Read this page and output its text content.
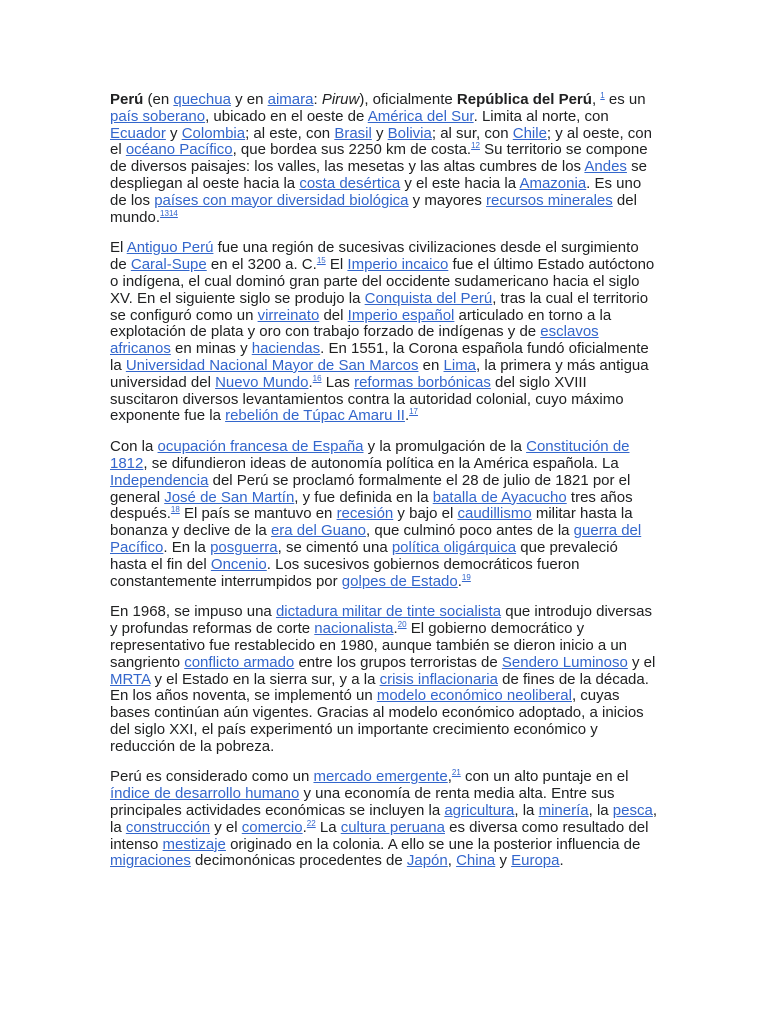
Perú (en quechua y en aimara: Piruw), oficialmente República del Perú, $^1$ es un país soberano, ubicado en el oeste de América del Sur. Limita al norte, con Ecuador y Colombia; al este, con Brasil y Bolivia; al sur, con Chile; y al oeste, con el océano Pacífico, que bordea sus 2250 km de costa.$^{12}$ Su territorio se compone de diversos paisajes: los valles, las mesetas y las altas cumbres de los Andes se despliegan al oeste hacia la costa desértica y el este hacia la Amazonia. Es uno de los países con mayor diversidad biológica y mayores recursos minerales del mundo.$^{1314}$

El Antiguo Perú fue una región de sucesivas civilizaciones desde el surgimiento de Caral-Supe en el 3200 a. C.$^{15}$ El Imperio incaico fue el último Estado autóctono o indígena, el cual dominó gran parte del occidente sudamericano hacia el siglo XV. En el siguiente siglo se produjo la Conquista del Perú, tras la cual el territorio se configuró como un virreinato del Imperio español articulado en torno a la explotación de plata y oro con trabajo forzado de indígenas y de esclavos africanos en minas y haciendas. En 1551, la Corona española fundó oficialmente la Universidad Nacional Mayor de San Marcos en Lima, la primera y más antigua universidad del Nuevo Mundo.$^{16}$ Las reformas borbónicas del siglo XVIII suscitaron diversos levantamientos contra la autoridad colonial, cuyo máximo exponente fue la rebelión de Túpac Amaru II.$^{17}$

Con la ocupación francesa de España y la promulgación de la Constitución de 1812, se difundieron ideas de autonomía política en la América española. La Independencia del Perú se proclamó formalmente el 28 de julio de 1821 por el general José de San Martín, y fue definida en la batalla de Ayacucho tres años después.$^{18}$ El país se mantuvo en recesión y bajo el caudillismo militar hasta la bonanza y declive de la era del Guano, que culminó poco antes de la guerra del Pacífico. En la posguerra, se cimentó una política oligárquica que prevaleció hasta el fin del Oncenio. Los sucesivos gobiernos democráticos fueron constantemente interrumpidos por golpes de Estado.$^{19}$

En 1968, se impuso una dictadura militar de tinte socialista que introdujo diversas y profundas reformas de corte nacionalista.$^{20}$ El gobierno democrático y representativo fue restablecido en 1980, aunque también se dieron inicio a un sangriento conflicto armado entre los grupos terroristas de Sendero Luminoso y el MRTA y el Estado en la sierra sur, y a la crisis inflacionaria de fines de la década. En los años noventa, se implementó un modelo económico neoliberal, cuyas bases continúan aún vigentes. Gracias al modelo económico adoptado, a inicios del siglo XXI, el país experimentó un importante crecimiento económico y reducción de la pobreza.

Perú es considerado como un mercado emergente,$^{21}$ con un alto puntaje en el índice de desarrollo humano y una economía de renta media alta. Entre sus principales actividades económicas se incluyen la agricultura, la minería, la pesca, la construcción y el comercio.$^{22}$ La cultura peruana es diversa como resultado del intenso mestizaje originado en la colonia. A ello se une la posterior influencia de migraciones decimonónicas procedentes de Japón, China y Europa.
